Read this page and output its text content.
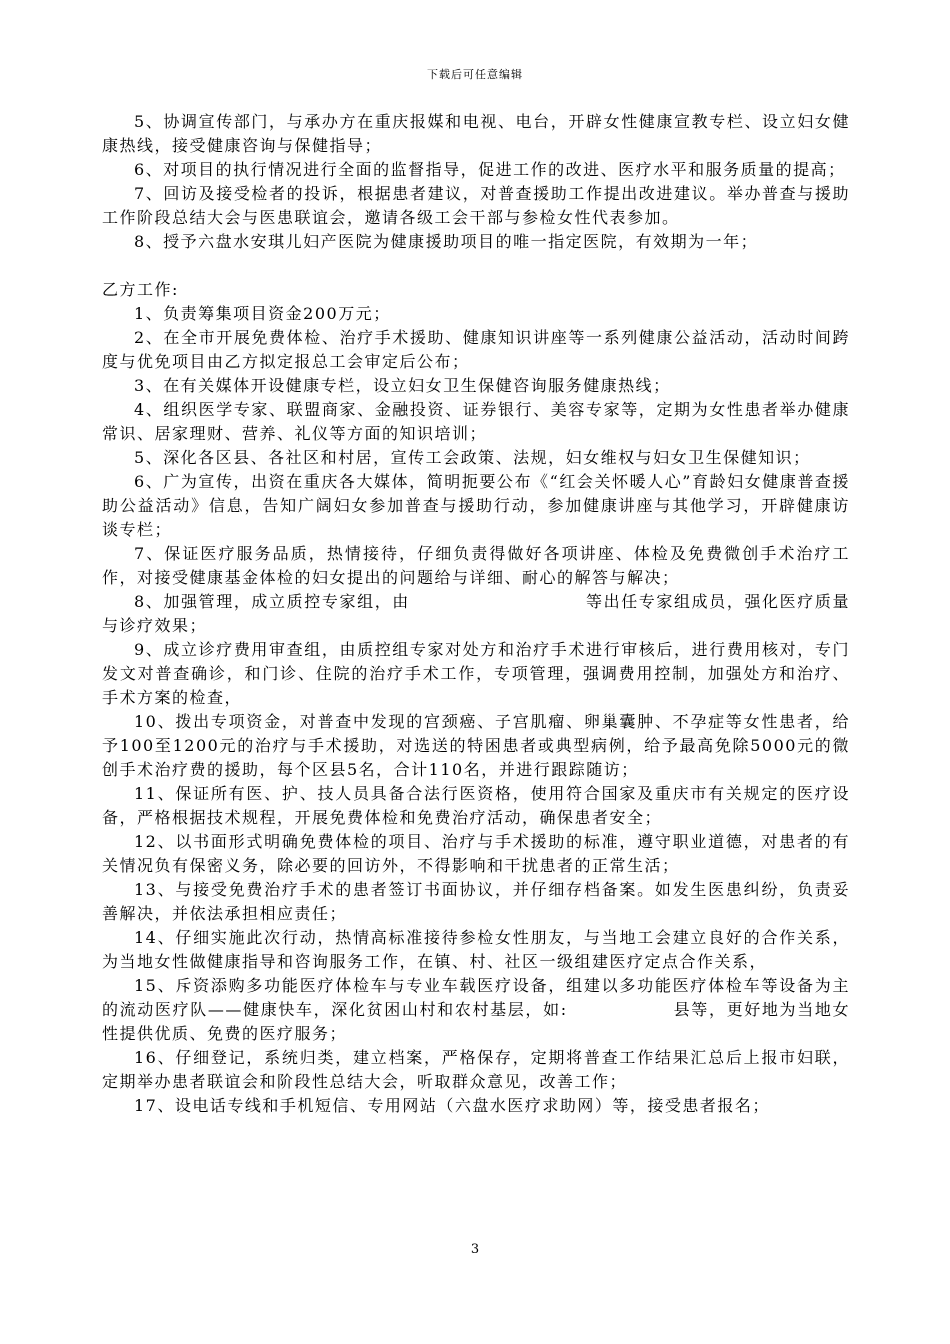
下载后可任意编辑

5、协调宣传部门，与承办方在重庆报媒和电视、电台，开辟女性健康宣教专栏、设立妇女健康热线，接受健康咨询与保健指导；

6、对项目的执行情况进行全面的监督指导，促进工作的改进、医疗水平和服务质量的提高；

7、回访及接受检者的投诉，根据患者建议，对普查援助工作提出改进建议。举办普查与援助工作阶段总结大会与医患联谊会，邀请各级工会干部与参检女性代表参加。

8、授予六盘水安琪儿妇产医院为健康援助项目的唯一指定医院，有效期为一年；

乙方工作:

1、负责筹集项目资金200万元；

2、在全市开展免费体检、治疗手术援助、健康知识讲座等一系列健康公益活动，活动时间跨度与优免项目由乙方拟定报总工会审定后公布；

3、在有关媒体开设健康专栏，设立妇女卫生保健咨询服务健康热线；

4、组织医学专家、联盟商家、金融投资、证券银行、美容专家等，定期为女性患者举办健康常识、居家理财、营养、礼仪等方面的知识培训；

5、深化各区县、各社区和村居，宣传工会政策、法规，妇女维权与妇女卫生保健知识；

6、广为宣传，出资在重庆各大媒体，简明扼要公布《“红会关怀暖人心”育龄妇女健康普查援助公益活动》信息，告知广阔妇女参加普查与援助行动，参加健康讲座与其他学习，开辟健康访谈专栏；

7、保证医疗服务品质，热情接待，仔细负责得做好各项讲座、体检及免费微创手术治疗工作，对接受健康基金体检的妇女提出的问题给与详细、耐心的解答与解决；

8、加强管理，成立质控专家组，由　　　　　　　　　　等出任专家组成员，强化医疗质量与诊疗效果；

9、成立诊疗费用审查组，由质控组专家对处方和治疗手术进行审核后，进行费用核对，专门发文对普查确诊，和门诊、住院的治疗手术工作，专项管理，强调费用控制，加强处方和治疗、手术方案的检查，

10、拨出专项资金，对普查中发现的宫颈癌、子宫肌瘤、卵巢囊肿、不孕症等女性患者，给予100至1200元的治疗与手术援助，对选送的特困患者或典型病例，给予最高免除5000元的微创手术治疗费的援助，每个区县5名，合计110名，并进行跟踪随访；

11、保证所有医、护、技人员具备合法行医资格，使用符合国家及重庆市有关规定的医疗设备，严格根据技术规程，开展免费体检和免费治疗活动，确保患者安全；

12、以书面形式明确免费体检的项目、治疗与手术援助的标准，遵守职业道德，对患者的有关情况负有保密义务，除必要的回访外，不得影响和干扰患者的正常生活；

13、与接受免费治疗手术的患者签订书面协议，并仔细存档备案。如发生医患纠纷，负责妥善解决，并依法承担相应责任；

14、仔细实施此次行动，热情高标准接待参检女性朋友，与当地工会建立良好的合作关系，为当地女性做健康指导和咨询服务工作，在镇、村、社区一级组建医疗定点合作关系，

15、斥资添购多功能医疗体检车与专业车载医疗设备，组建以多功能医疗体检车等设备为主的流动医疗队——健康快车，深化贫困山村和农村基层，如:　　　　　　县等，更好地为当地女性提供优质、免费的医疗服务；

16、仔细登记，系统归类，建立档案，严格保存，定期将普查工作结果汇总后上报市妇联，定期举办患者联谊会和阶段性总结大会，听取群众意见，改善工作；

17、设电话专线和手机短信、专用网站（六盘水医疗求助网）等，接受患者报名；

3
